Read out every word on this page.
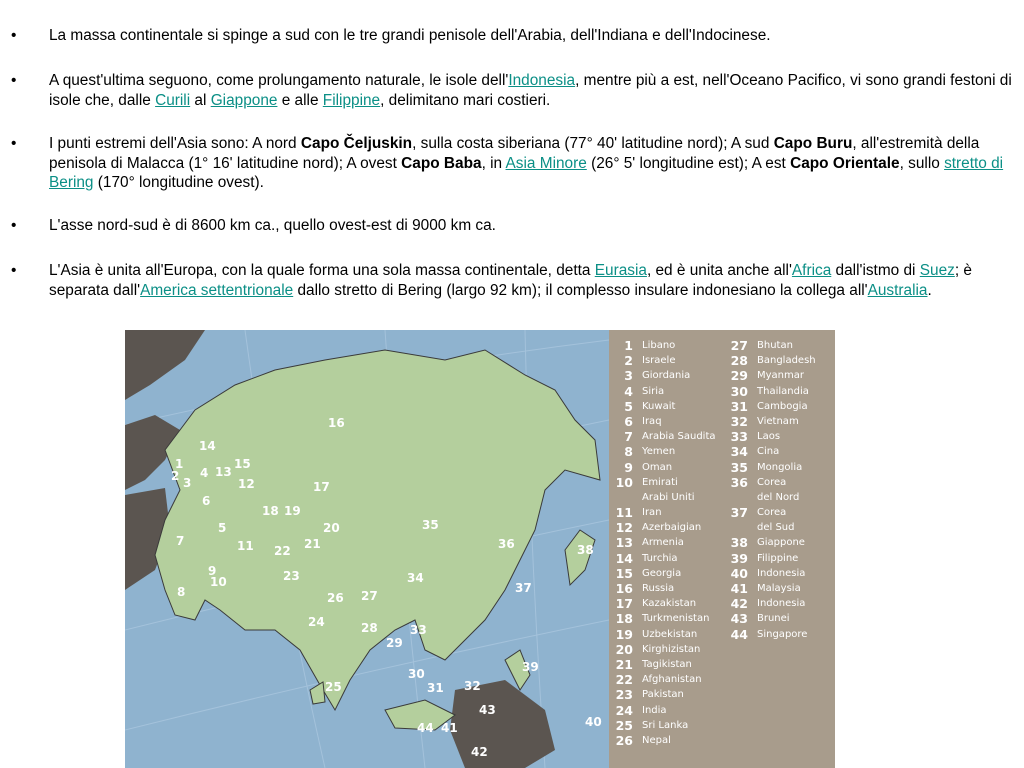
• La massa continentale si spinge a sud con le tre grandi penisole dell'Arabia, dell'Indiana e dell'Indocinese.
• A quest'ultima seguono, come prolungamento naturale, le isole dell'Indonesia, mentre più a est, nell'Oceano Pacifico, vi sono grandi festoni di isole che, dalle Curili al Giappone e alle Filippine, delimitano mari costieri.
• I punti estremi dell'Asia sono: A nord Capo Čeljuskin, sulla costa siberiana (77° 40' latitudine nord); A sud Capo Buru, all'estremità della penisola di Malacca (1° 16' latitudine nord); A ovest Capo Baba, in Asia Minore (26° 5' longitudine est); A est Capo Orientale, sullo stretto di Bering (170° longitudine ovest).
• L'asse nord-sud è di 8600 km ca., quello ovest-est di 9000 km ca.
• L'Asia è unita all'Europa, con la quale forma una sola massa continentale, detta Eurasia, ed è unita anche all'Africa dall'istmo di Suez; è separata dall'America settentrionale dallo stretto di Bering (largo 92 km); il complesso insulare indonesiano la collega all'Australia.
1
2 3
4
5
6
7
8
9
10
11
12
13
14
15
16
17
18 19
20
21
22
23
24
25
26 27
28
29
30
31 32
33
34
35
36
37
38
39
40
41
42
43
44
1 Libano
2 Israele
3 Giordania
4 Siria
5 Kuwait
6 Iraq
7 Arabia Saudita
8 Yemen
9 Oman
10 Emirati
Arabi Uniti
11 Iran
12 Azerbaigian
13 Armenia
14 Turchia
15 Georgia
16 Russia
17 Kazakistan
18 Turkmenistan
19 Uzbekistan
20 Kirghizistan
21 Tagikistan
22 Afghanistan
23 Pakistan
24 India
25 Sri Lanka
26 Nepal
27 Bhutan
28 Bangladesh
29 Myanmar
30 Thailandia
31 Cambogia
32 Vietnam
33 Laos
34 Cina
35 Mongolia
36 Corea
del Nord
37 Corea
del Sud
38 Giappone
39 Filippine
40 Indonesia
41 Malaysia
42 Indonesia
43 Brunei
44 Singapore
